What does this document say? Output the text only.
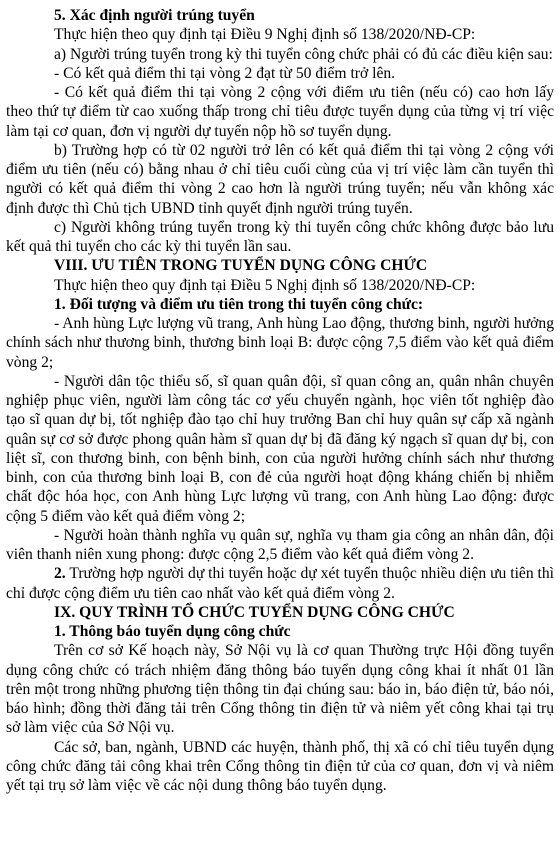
5. Xác định người trúng tuyển

Thực hiện theo quy định tại Điều 9 Nghị định số 138/2020/NĐ-CP:

a) Người trúng tuyển trong kỳ thi tuyển công chức phải có đủ các điều kiện sau:

- Có kết quả điểm thi tại vòng 2 đạt từ 50 điểm trở lên.

- Có kết quả điểm thi tại vòng 2 cộng với điểm ưu tiên (nếu có) cao hơn lấy theo thứ tự điểm từ cao xuống thấp trong chỉ tiêu được tuyển dụng của từng vị trí việc làm tại cơ quan, đơn vị người dự tuyển nộp hồ sơ tuyển dụng.

b) Trường hợp có từ 02 người trở lên có kết quả điểm thi tại vòng 2 cộng với điểm ưu tiên (nếu có) bằng nhau ở chỉ tiêu cuối cùng của vị trí việc làm cần tuyển thì người có kết quả điểm thi vòng 2 cao hơn là người trúng tuyển; nếu vẫn không xác định được thì Chủ tịch UBND tỉnh quyết định người trúng tuyển.

c) Người không trúng tuyển trong kỳ thi tuyển công chức không được bảo lưu kết quả thi tuyển cho các kỳ thi tuyển lần sau.

VIII. ƯU TIÊN TRONG TUYỂN DỤNG CÔNG CHỨC

Thực hiện theo quy định tại Điều 5 Nghị định số 138/2020/NĐ-CP:

1. Đối tượng và điểm ưu tiên trong thi tuyển công chức:

- Anh hùng Lực lượng vũ trang, Anh hùng Lao động, thương binh, người hưởng chính sách như thương binh, thương binh loại B: được cộng 7,5 điểm vào kết quả điểm vòng 2;

- Người dân tộc thiểu số, sĩ quan quân đội, sĩ quan công an, quân nhân chuyên nghiệp phục viên, người làm công tác cơ yếu chuyển ngành, học viên tốt nghiệp đào tạo sĩ quan dự bị, tốt nghiệp đào tạo chỉ huy trưởng Ban chỉ huy quân sự cấp xã ngành quân sự cơ sở được phong quân hàm sĩ quan dự bị đã đăng ký ngạch sĩ quan dự bị, con liệt sĩ, con thương binh, con bệnh binh, con của người hưởng chính sách như thương binh, con của thương binh loại B, con đẻ của người hoạt động kháng chiến bị nhiễm chất độc hóa học, con Anh hùng Lực lượng vũ trang, con Anh hùng Lao động: được cộng 5 điểm vào kết quả điểm vòng 2;

- Người hoàn thành nghĩa vụ quân sự, nghĩa vụ tham gia công an nhân dân, đội viên thanh niên xung phong: được cộng 2,5 điểm vào kết quả điểm vòng 2.

2. Trường hợp người dự thi tuyển hoặc dự xét tuyển thuộc nhiều diện ưu tiên thì chỉ được cộng điểm ưu tiên cao nhất vào kết quả điểm vòng 2.

IX. QUY TRÌNH TỔ CHỨC TUYỂN DỤNG CÔNG CHỨC

1. Thông báo tuyển dụng công chức

Trên cơ sở Kế hoạch này, Sở Nội vụ là cơ quan Thường trực Hội đồng tuyển dụng công chức có trách nhiệm đăng thông báo tuyển dụng công khai ít nhất 01 lần trên một trong những phương tiện thông tin đại chúng sau: báo in, báo điện tử, báo nói, báo hình; đồng thời đăng tải trên Cổng thông tin điện tử và niêm yết công khai tại trụ sở làm việc của Sở Nội vụ.

Các sở, ban, ngành, UBND các huyện, thành phố, thị xã có chỉ tiêu tuyển dụng công chức đăng tải công khai trên Cổng thông tin điện tử của cơ quan, đơn vị và niêm yết tại trụ sở làm việc về các nội dung thông báo tuyển dụng.
